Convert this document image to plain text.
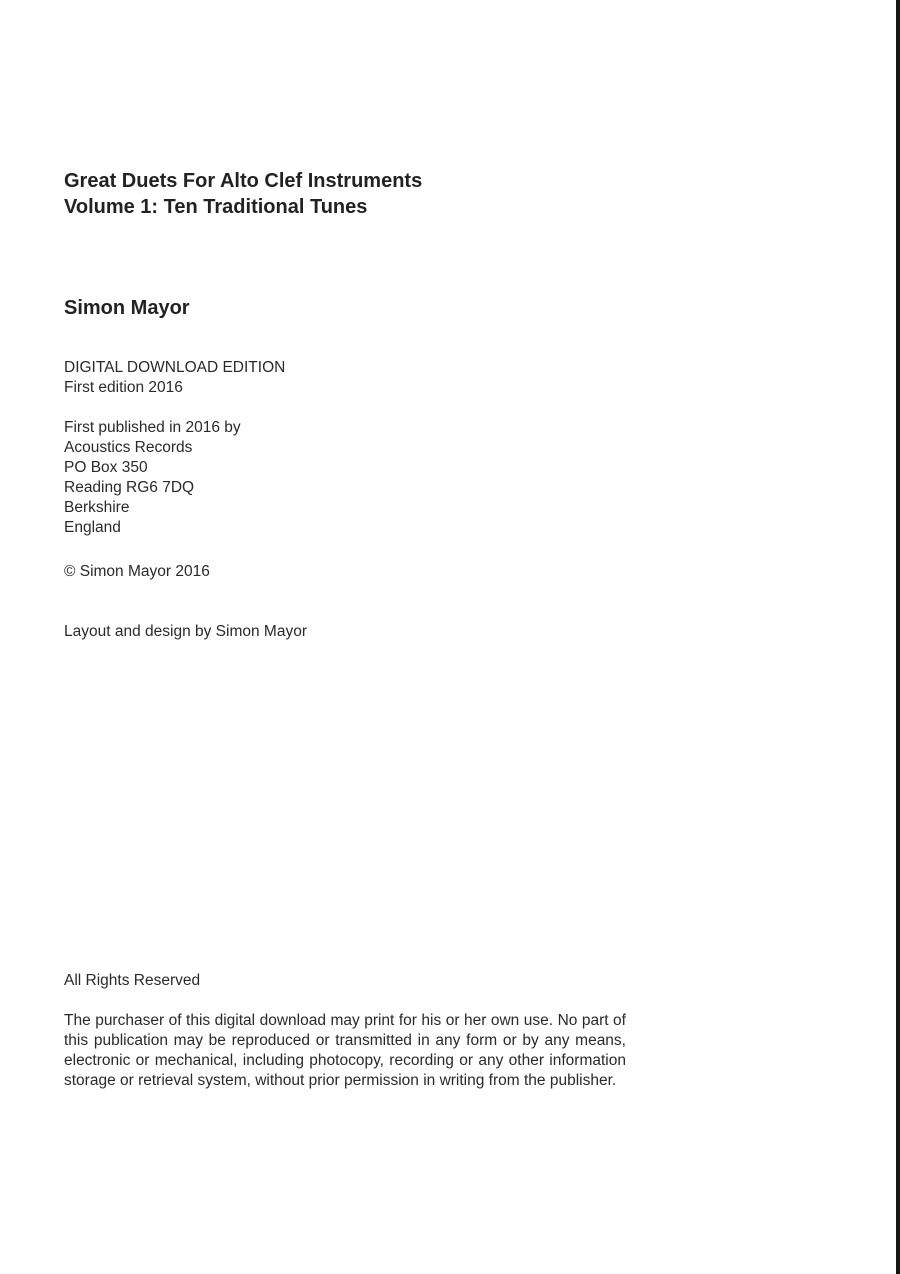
Great Duets For Alto Clef Instruments
Volume 1: Ten Traditional Tunes
Simon Mayor
DIGITAL DOWNLOAD EDITION
First edition 2016
First published in 2016 by
Acoustics Records
PO Box 350
Reading RG6 7DQ
Berkshire
England
© Simon Mayor 2016
Layout and design by Simon Mayor
All Rights Reserved
The purchaser of this digital download may print for his or her own use. No part of this publication may be reproduced or transmitted in any form or by any means, electronic or mechanical, including photocopy, recording or any other information storage or retrieval system, without prior permission in writing from the publisher.
